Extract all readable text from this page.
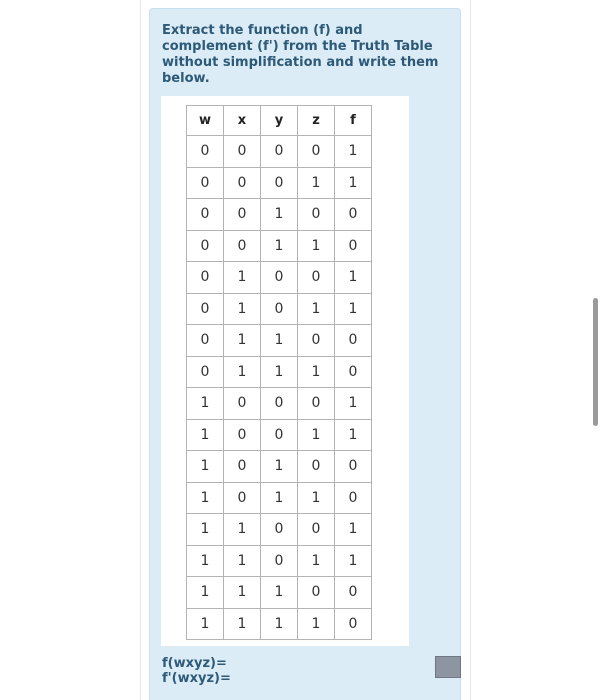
Extract the function (f) and complement (f') from the Truth Table without simplification and write them below.

w	x	y	z	f
0	0	0	0	1
0	0	0	1	1
0	0	1	0	0
0	0	1	1	0
0	1	0	0	1
0	1	0	1	1
0	1	1	0	0
0	1	1	1	0
1	0	0	0	1
1	0	0	1	1
1	0	1	0	0
1	0	1	1	0
1	1	0	0	1
1	1	0	1	1
1	1	1	0	0
1	1	1	1	0

f(wxyz)=

f'(wxyz)=
